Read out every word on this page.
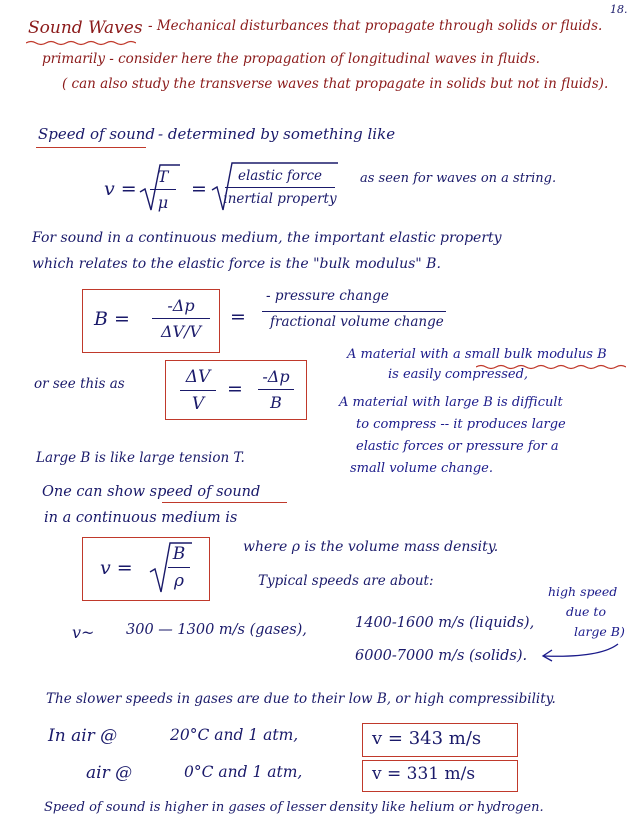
18.
Sound Waves - Mechanical disturbances that propagate through solids or fluids.
primarily - consider here the propagation of longitudinal waves in fluids.
( can also study the transverse waves that propagate in solids but not in fluids).
Speed of sound - determined by something like
v =
T
μ
=
elastic force
inertial property
as seen for waves on a string.
For sound in a continuous medium, the important elastic property
which relates to the elastic force is the "bulk modulus" B.
B =
-Δp
ΔV/V
=
- pressure change
fractional volume change
or see this as	ΔV
V
=
-Δp
B
A material with a small bulk modulus B
is easily compressed,
A material with large B is difficult
to compress -- it produces large
elastic forces or pressure for a
small volume change.
Large B is like large tension T.
One can show speed of sound
in a continuous medium is
v =
B
ρ
where ρ is the volume mass density.
Typical speeds are about:
high speed
due to
large B)
v~ 300 — 1300 m/s (gases),	1400-1600 m/s (liquids),
6000-7000 m/s (solids).
The slower speeds in gases are due to their low B, or high compressibility.
In air @	20°C and 1 atm,	v = 343 m/s
air @	0°C and 1 atm,	v = 331 m/s
Speed of sound is higher in gases of lesser density like helium or hydrogen.
